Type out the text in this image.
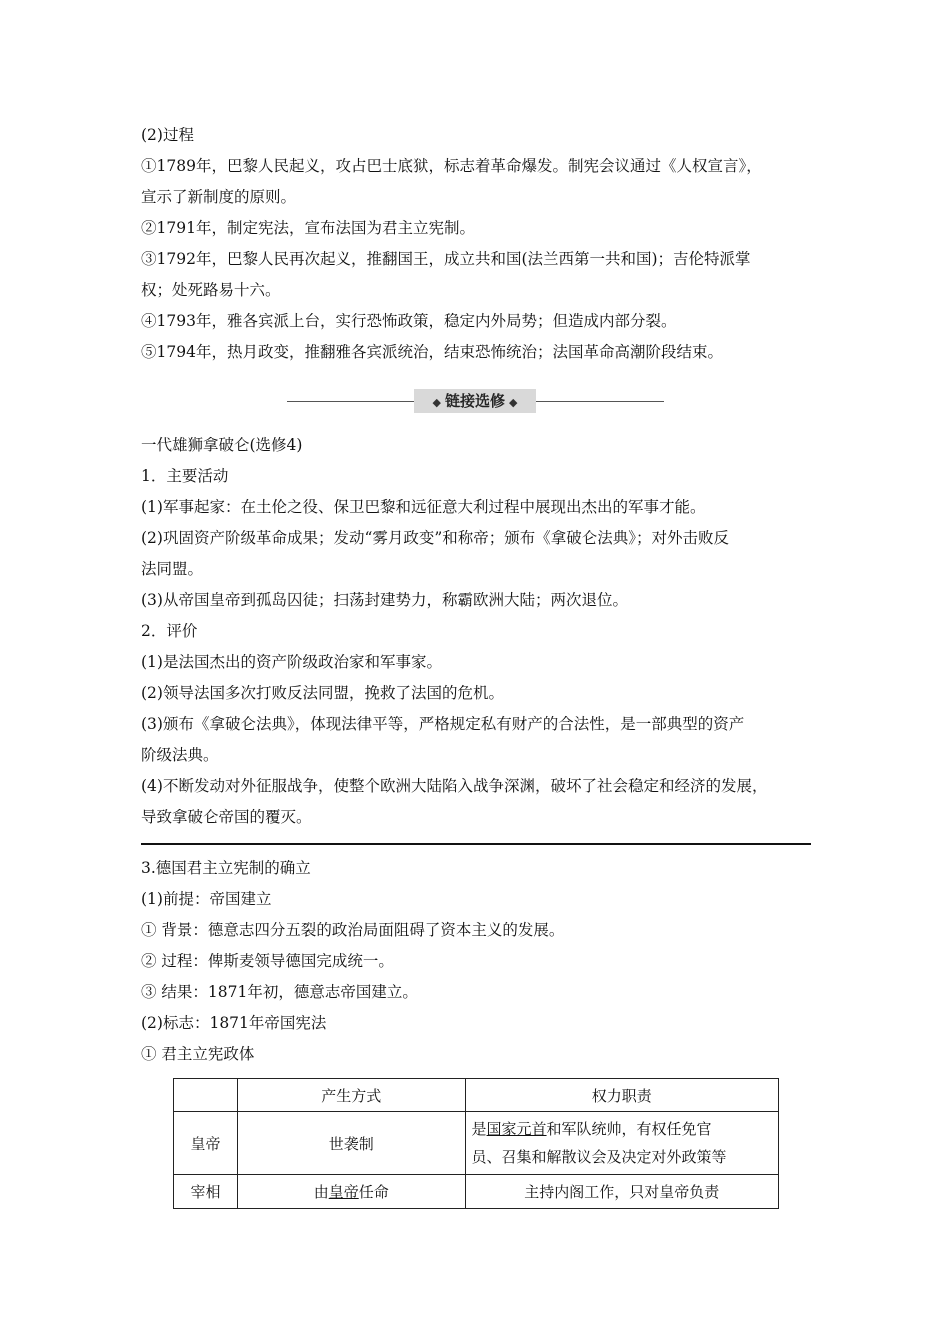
(2)过程
①1789年，巴黎人民起义，攻占巴士底狱，标志着革命爆发。制宪会议通过《人权宣言》，
宣示了新制度的原则。
②1791年，制定宪法，宣布法国为君主立宪制。
③1792年，巴黎人民再次起义，推翻国王，成立共和国(法兰西第一共和国)；吉伦特派掌
权；处死路易十六。
④1793年，雅各宾派上台，实行恐怖政策，稳定内外局势；但造成内部分裂。
⑤1794年，热月政变，推翻雅各宾派统治，结束恐怖统治；法国革命高潮阶段结束。
◆ 链接选修 ◆
一代雄狮拿破仑(选修4)
1．主要活动
(1)军事起家：在土伦之役、保卫巴黎和远征意大利过程中展现出杰出的军事才能。
(2)巩固资产阶级革命成果；发动“雾月政变”和称帝；颁布《拿破仑法典》；对外击败反
法同盟。
(3)从帝国皇帝到孤岛囚徒；扫荡封建势力，称霸欧洲大陆；两次退位。
2．评价
(1)是法国杰出的资产阶级政治家和军事家。
(2)领导法国多次打败反法同盟，挽救了法国的危机。
(3)颁布《拿破仑法典》，体现法律平等，严格规定私有财产的合法性，是一部典型的资产
阶级法典。
(4)不断发动对外征服战争，使整个欧洲大陆陷入战争深渊，破坏了社会稳定和经济的发展，
导致拿破仑帝国的覆灭。
3.德国君主立宪制的确立
(1)前提：帝国建立
① 背景：德意志四分五裂的政治局面阻碍了资本主义的发展。
② 过程：俾斯麦领导德国完成统一。
③ 结果：1871年初，德意志帝国建立。
(2)标志：1871年帝国宪法
① 君主立宪政体
	产生方式	权力职责
皇帝	世袭制	是国家元首和军队统帅，有权任免官
员、召集和解散议会及决定对外政策等
宰相	由皇帝任命	主持内阁工作，只对皇帝负责
